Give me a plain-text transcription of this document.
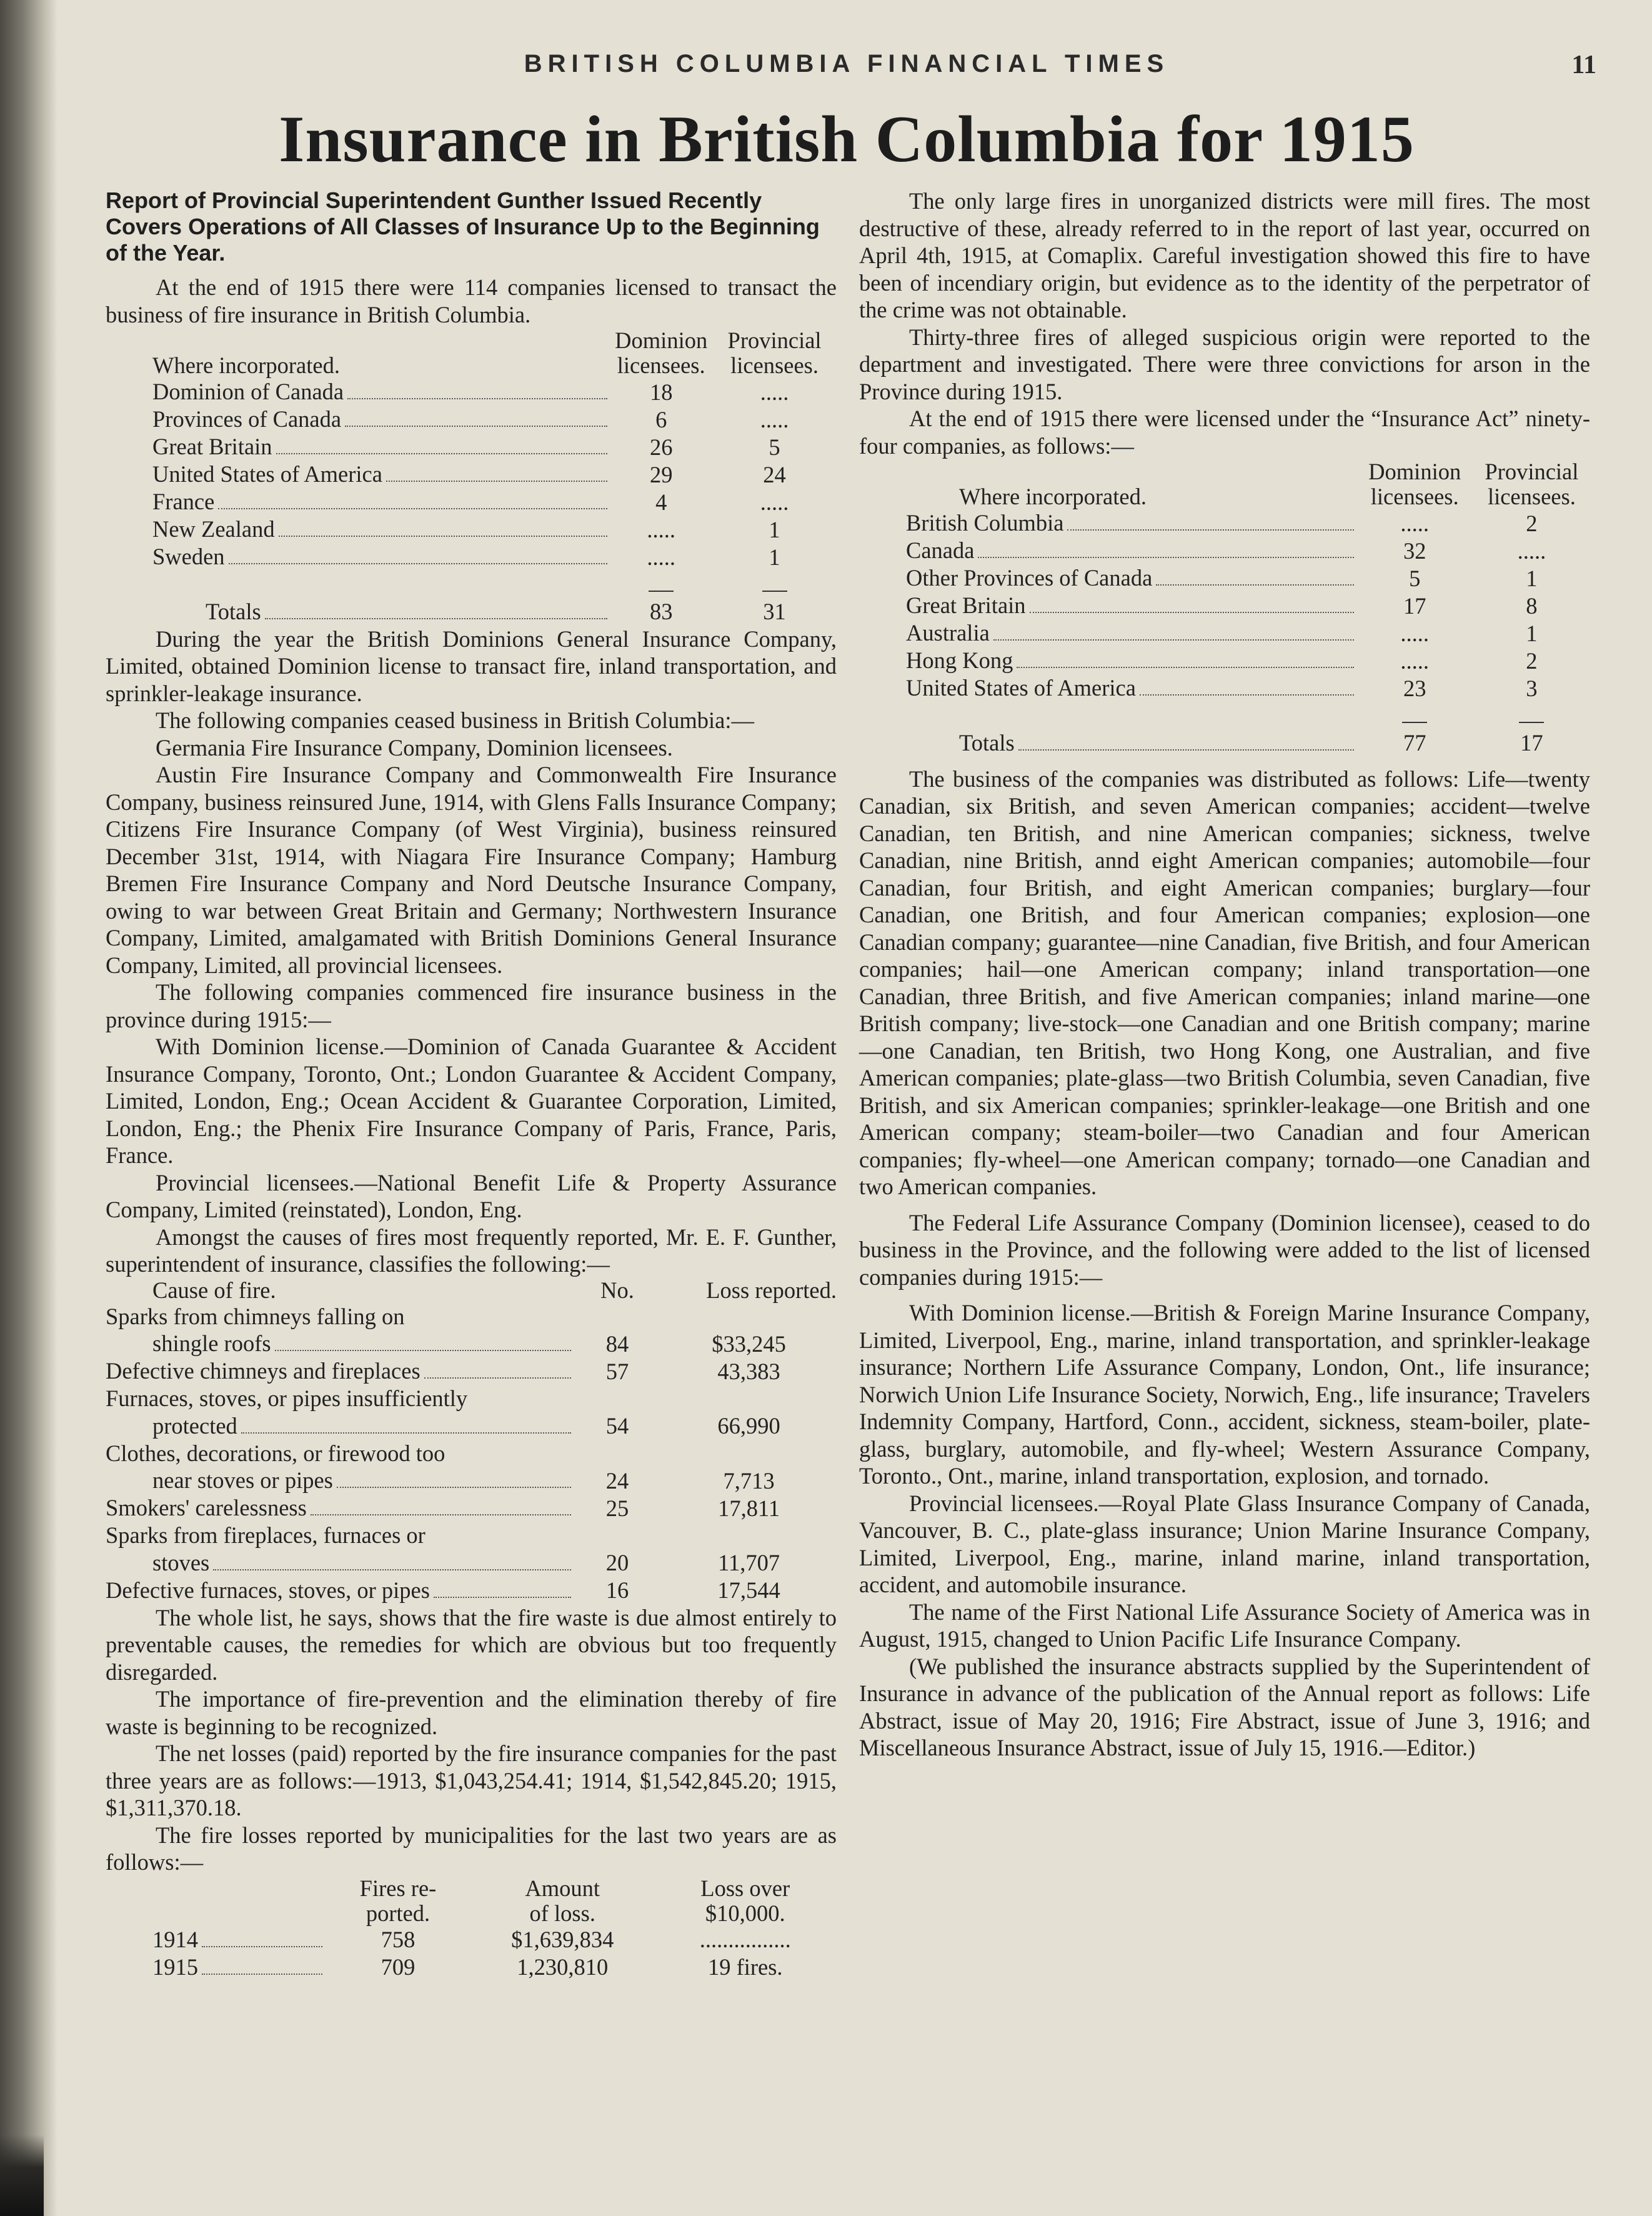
BRITISH COLUMBIA FINANCIAL TIMES	11
Insurance in British Columbia for 1915

Report of Provincial Superintendent Gunther Issued Recently Covers Operations of All Classes of Insurance Up to the Beginning of the Year.

At the end of 1915 there were 114 companies licensed to transact the business of fire insurance in British Columbia.

	Dominion	Provincial
Where incorporated.	licensees.	licensees.

Dominion of Canada	18	.....

Provinces of Canada	6	.....

Great Britain	26	5

United States of America	29	24

France	4	.....

New Zealand	.....	1

Sweden	.....	1

Totals	83	31

During the year the British Dominions General Insurance Company, Limited, obtained Dominion license to transact fire, inland transportation, and sprinkler-leakage insurance.

The following companies ceased business in British Columbia:—

Germania Fire Insurance Company, Dominion licensees.

Austin Fire Insurance Company and Commonwealth Fire Insurance Company, business reinsured June, 1914, with Glens Falls Insurance Company; Citizens Fire Insurance Company (of West Virginia), business reinsured December 31st, 1914, with Niagara Fire Insurance Company; Hamburg Bremen Fire Insurance Company and Nord Deutsche Insurance Company, owing to war between Great Britain and Germany; Northwestern Insurance Company, Limited, amalgamated with British Dominions General Insurance Company, Limited, all provincial licensees.

The following companies commenced fire insurance business in the province during 1915:—

With Dominion license.—Dominion of Canada Guarantee & Accident Insurance Company, Toronto, Ont.; London Guarantee & Accident Company, Limited, London, Eng.; Ocean Accident & Guarantee Corporation, Limited, London, Eng.; the Phenix Fire Insurance Company of Paris, France, Paris, France.

Provincial licensees.—National Benefit Life & Property Assurance Company, Limited (reinstated), London, Eng.

Amongst the causes of fires most frequently reported, Mr. E. F. Gunther, superintendent of insurance, classifies the following:—

Cause of fire.	No.	Loss reported.
Sparks from chimneys falling on		

shingle roofs	84	$33,245

Defective chimneys and fireplaces	57	43,383
Furnaces, stoves, or pipes insufficiently		

protected	54	66,990
Clothes, decorations, or firewood too		

near stoves or pipes	24	7,713

Smokers' carelessness	25	17,811
Sparks from fireplaces, furnaces or		

stoves	20	11,707

Defective furnaces, stoves, or pipes	16	17,544

The whole list, he says, shows that the fire waste is due almost entirely to preventable causes, the remedies for which are obvious but too frequently disregarded.

The importance of fire-prevention and the elimination thereby of fire waste is beginning to be recognized.

The net losses (paid) reported by the fire insurance companies for the past three years are as follows:—1913, $1,043,254.41; 1914, $1,542,845.20; 1915, $1,311,370.18.

The fire losses reported by municipalities for the last two years are as follows:—

	Fires re-	Amount	Loss over
	ported.	of loss.	$10,000.

1914	758	$1,639,834	................

1915	709	1,230,810	19 fires.

The only large fires in unorganized districts were mill fires. The most destructive of these, already referred to in the report of last year, occurred on April 4th, 1915, at Comaplix. Careful investigation showed this fire to have been of incendiary origin, but evidence as to the identity of the perpetrator of the crime was not obtainable.

Thirty-three fires of alleged suspicious origin were reported to the department and investigated. There were three convictions for arson in the Province during 1915.

At the end of 1915 there were licensed under the “Insurance Act” ninety-four companies, as follows:—

	Dominion	Provincial
Where incorporated.	licensees.	licensees.

British Columbia	.....	2

Canada	32	.....

Other Provinces of Canada	5	1

Great Britain	17	8

Australia	.....	1

Hong Kong	.....	2

United States of America	23	3

Totals	77	17

The business of the companies was distributed as follows: Life—twenty Canadian, six British, and seven American companies; accident—twelve Canadian, ten British, and nine American companies; sickness, twelve Canadian, nine British, annd eight American companies; automobile—four Canadian, four British, and eight American companies; burglary—four Canadian, one British, and four American companies; explosion—one Canadian company; guarantee—nine Canadian, five British, and four American companies; hail—one American company; inland transportation—one Canadian, three British, and five American companies; inland marine—one British company; live-stock—one Canadian and one British company; marine—one Canadian, ten British, two Hong Kong, one Australian, and five American companies; plate-glass—two British Columbia, seven Canadian, five British, and six American companies; sprinkler-leakage—one British and one American company; steam-boiler—two Canadian and four American companies; fly-wheel—one American company; tornado—one Canadian and two American companies.

The Federal Life Assurance Company (Dominion licensee), ceased to do business in the Province, and the following were added to the list of licensed companies during 1915:—

With Dominion license.—British & Foreign Marine Insurance Company, Limited, Liverpool, Eng., marine, inland transportation, and sprinkler-leakage insurance; Northern Life Assurance Company, London, Ont., life insurance; Norwich Union Life Insurance Society, Norwich, Eng., life insurance; Travelers Indemnity Company, Hartford, Conn., accident, sickness, steam-boiler, plate-glass, burglary, automobile, and fly-wheel; Western Assurance Company, Toronto., Ont., marine, inland transportation, explosion, and tornado.

Provincial licensees.—Royal Plate Glass Insurance Company of Canada, Vancouver, B. C., plate-glass insurance; Union Marine Insurance Company, Limited, Liverpool, Eng., marine, inland marine, inland transportation, accident, and automobile insurance.

The name of the First National Life Assurance Society of America was in August, 1915, changed to Union Pacific Life Insurance Company.

(We published the insurance abstracts supplied by the Superintendent of Insurance in advance of the publication of the Annual report as follows: Life Abstract, issue of May 20, 1916; Fire Abstract, issue of June 3, 1916; and Miscellaneous Insurance Abstract, issue of July 15, 1916.—Editor.)
